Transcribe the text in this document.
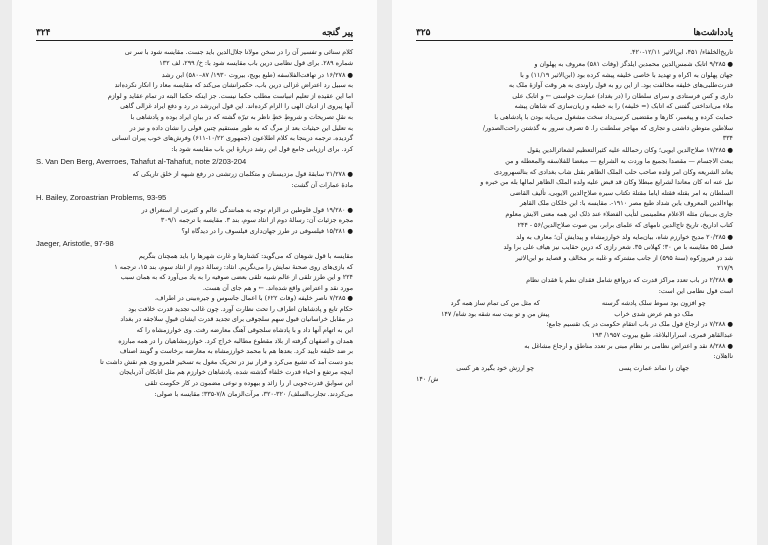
۳۲۴	پیر گنجه

کلام سنائی و تفسیر آن را در سخن مولانا جلال‌الدین باید جست. مقایسه شود با سر نی
شماره ۲۸۹. برای قول نظامی درین باب مقایسه شود با: خ/ ۲۹۹، لف ۱۳۲

● ۱۶/۲۷۸ در تهافت‌الفلاسفه (طبع بویج، بیروت ۱۹۳۰/ ۸۷–۵۸۰) ابن رشد
به سبیل رد اعتراض غزالی درین باب، حکمرانشان می‌کند که مقایسه معاد را انکار نکرده‌اند
اما این عقیده از تعلیم انبیاست مطلب حکما نیست. جز اینکه حکما البته در تمام عقاید و لوازم
آنها پیروی از ادیان الهی را الزام کرده‌اند. این قول ابن‌رشد در رد و دفع ایراد غزالی گاهی
به نقلِ تصریحات و شروطِ خطِ ناظر به تیرّه گشته که در بیانِ ایراد بوده و پادشاهی با
به تعلیل این حیثیات بعد از مرگ که به طور مستقیم چنین قولی را نشان داده و نیز در
گردیده. ترجمه درینجا به کلام اطلاعون (جمهوری ۱۰/۲۲-۶۱۱) وفرش‌های خوب پیران انسانی
کرد. برای ارزیابی جامع قول ابن رشد دربارۀ این باب مقایسه شود با:

S. Van Den Berg, Averroes, Tahafut al-Tahafut, note 2/203-204

● ۲۱/۲۷۸ سابقۀ قول مزدیسنان و متکلمان زرتشتی در رفع شبهه از خلق تاریکی که
مادۀ عمارات آن گشت:

H. Bailey, Zoroastrian Problems, 93-95

● ۱۹/۲۸۰ قول فلوطین در الزام توجه به همانندگی عالم و کثیرتی از استغراق در
مجره جزئیات آن: رسالۀ دوم از انئاد سوم، بند ۳. مقایسه با ترجمه ۳۰۹/۱
● ۱۵/۲۸۱ فیلسوفی در طرز جهان‌داری فیلسوف را در دیدگاه او؟

Jaeger, Aristotle, 97-98

مقایسه با قول شوهان که می‌گوید: کشتارها و غارت شهرها را باید همچنان بنگریم
که بازی‌های روی صحنۀ نمایش را می‌نگریم. انئاد: رسالۀ دوم از انئاد سوم، بند ۱۵، ترجمه ۱
۲۲۴ و این طرز تلقی از عالم شبیه تلقی بعضی صوفیه را به یاد می‌آورد که به همان سبب
مورد نقد و اعتراض واقع شده‌اند. ← و هم جای آن هست.
● ۷/۲۸۵ ناصر خلیفه (وفات ۶۲۲) با اعمال جاسوس و جیره‌بینی در اطراف،
حکام تابع و پادشاهان اطراف را تحت نظارت آورد. چون غالب تجدید قدرت خلافت بود
در مقابل خراسانیان قبول سهم سلجوقی برای تجدید قدرت ایشان قبولِ سلاجقه در بغداد
این به اتهام آنها داد و با پادشاه سلجوقی آهنگ معارضه رفت. وی خوارزمشاه را که
همدان و اصفهان گرفته از بلاد مقطوع مطالبه خراج کرد. خوارزمشاهیان را در همه مبارزه
بر ضد خلیفه تایید کرد. بعدها هم با محمد خوارزمشاه به معارضه برخاست و گویند اصناف
بدو دست آمد که تشیع می‌کرد و قرار نیز در تحریک مغول به تسخیر قلمرو وی هم نقش داشت تا
اینچه مرتفع و احیاء قدرت خلفاء گذشته شده. پادشاهان خوارزم هم مثل اتابکان آذربایجان
این سوابق قدرت‌جویی ار را زائد و بیهوده و نوعی مضمون در کار حکومت تلقی
می‌کردند. تجارب‌السلف/ ۳۲۰-۳۲۰، مرآت‌الزمان ۷/۸-۳۳۵؛ مقایسه با صولی:

۳۲۵	یادداشت‌ها

تاریخ‌الخلفاء/ ۴۵۱، ابن‌الاثیر ۱۲/۱۱-۴۲۰.

● ۹/۲۸۵ اتابک شمس‌الدین محمدبن ایلدگز (وفات ۵۸۱) معروف به پهلوان و
جهان پهلوان به اکراه و تهدید با خاصی خلیفه پیشه کرده بود (ابن‌الاثیر ۱۱/۱۹) و با
قدرت‌طلبی‌های خلیفه مخالفت بود. از این رو به قول راوندی به هر وقت آوازۀ ملک به
داری و کس فرستادی و سرای سلطان را (در بغداد) عمارت خواستی ← و اتابک علی
ملاء می‌انداختی گفتنی که اتابک (= خلیفه) را به خطبه و زیان‌سازی که شاهان پیشه
حمایت کرده و پیغمبر، کارها و مقتضیی کرسی‌داد سخت مشغول می‌بایه بودن با پادشاهی با
سلاطین متوطن داشتی و تجاری که مهاجر سلطنت را. ۵ تصرف سرور به گذشتن راحت‌الصدور/
۳۳۴

● ۱۷/۲۸۵ صلاح‌الدین ایوبی؛ وکان رحمالله علیه کثیرالتعظیم لشعائرالدین یقول
ببعث الاجسام — مقصدا بجمیع ما وردت به الشرایع — مبغضا للفلاسفه والمعطله و من
یعاند الشریعه وکان امر وَلده صاحب حلب الملک الظاهر بقتل شاب بغدادی که بنالسهروردی
نیل عنه انه کان معاندا لشرایع مبطلا وکان قد قبض علیه ولده الملک الظاهر لمالها بله من خبره و
السلطان به امر بقتله فقتله ایاما مقتلة تکتاب سیره صلاح‌الدین الایوبی، تألیف القاضی
بهاءالدین المعروف بابن شداد طبع مصر ۱۹۱۰-. مقایسه با: ابن خلکان ملک القاهر
جاری بی‌بیان مثله الاعلام معلمینمی لتأیب الفضلا‌ء عند ذلک این همه معنی الایش معلوم
کتاب اداریخ، تاریخ تاج‌الدین نامهای که علمای برابر، بین صوت صلاح‌الدین/۵۶ - ۲۴۴

● ۲۰/۲۸۵ مدیح خوارزم شاه، بیان‌مایه ولد خوارزمشاه و پیدایش آن؛ معارف به ولد
فصل ۵۵ مقایسه با ص ۳۰؛ کهلانی ۳۵. شعر رازی که درین حقایب نیز هیاف علی برا ولد
شد در فیروزکوه (سنۀ ۵۹۵) از جانب مشترکه و غلبه بر مخالف و قصاید بو ابن‌الاثیر
۲۱۷/۹

● ۲/۲۸۸ در باب تعدد مراکز قدرت که درواقع شامل فقدان نظم یا فقدان نظام
است قول نظامی این است:

چو افزون بود سوط سلک پادشه گرسنه
که مثل من کی تمام ساز همه گرد
ملک دو هم عرض شدی خراب
پیش من و تو بیت سه شقه بود شاه/ ۱۴۷

● ۷/۲۸۸ در ارجاع قول ملک در باب انتقام حکومت در یک تقسیم جامع؛
عبدالقاهر قمری، اسرارالبلاغة، طبع بیروت ۱۹۵۷/ ۱۹۳
● ۸/۲۸۸ نقد و اعتراض نظامی بر نظام مبنی بر تعدد مناطق و ارجاع مشاغل به
نااهلان:

جهان را نماند عمارت پسی
چو ارزش خود بگیرد هر کسی

ش/ ۱۴۰
